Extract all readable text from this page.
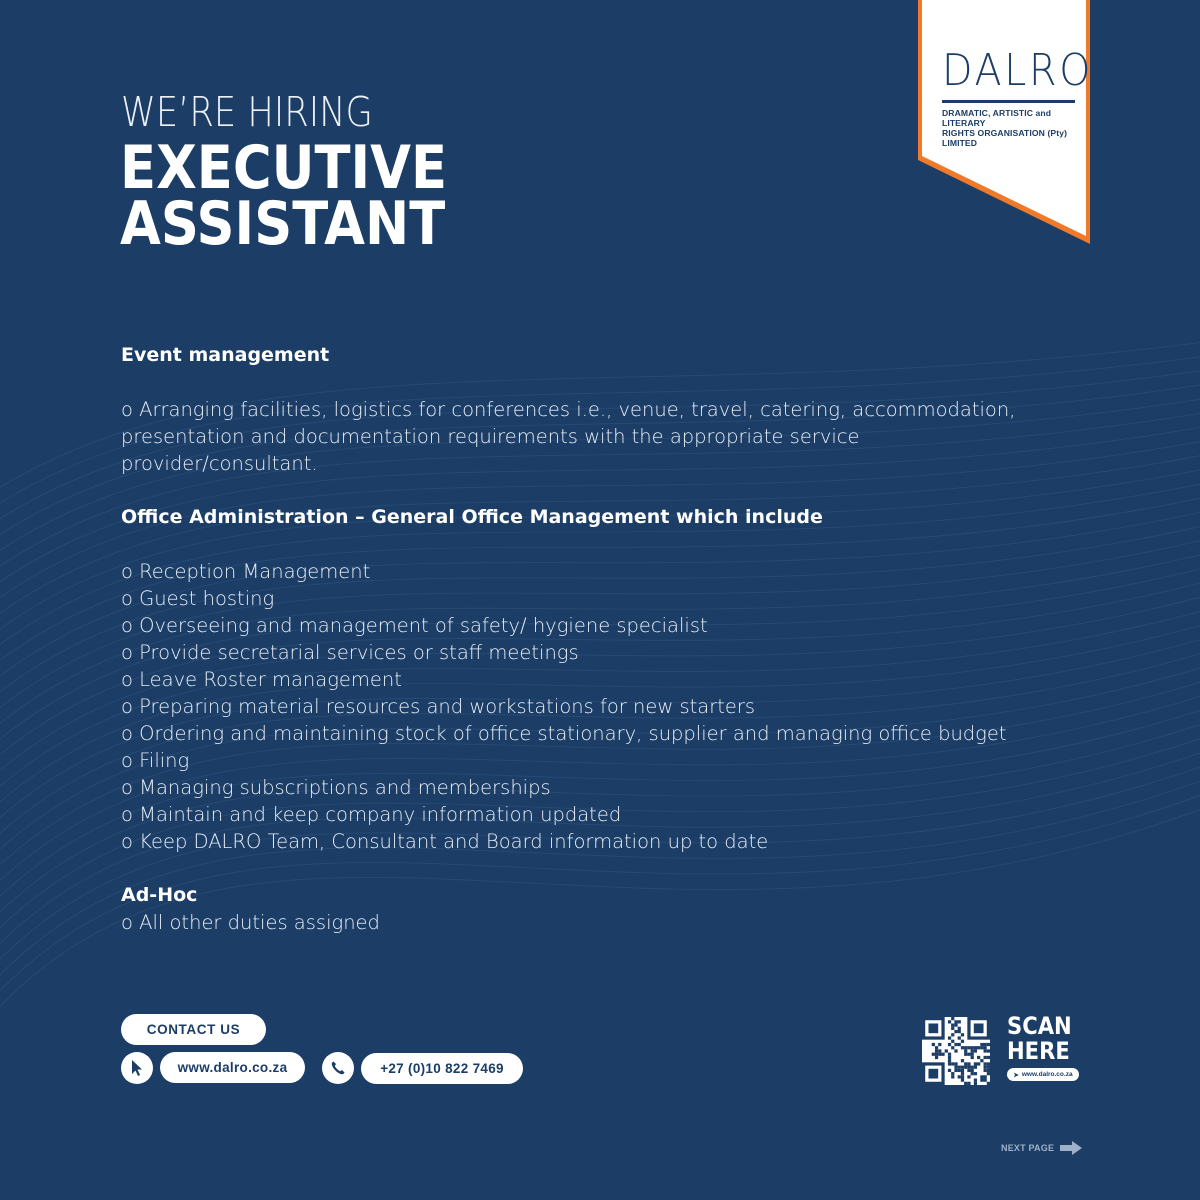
DALRO
DRAMATIC, ARTISTIC and LITERARY
RIGHTS ORGANISATION (Pty) LIMITED
WE’RE HIRING
EXECUTIVE
ASSISTANT
Event management
o Arranging facilities, logistics for conferences i.e., venue, travel, catering, accommodation, presentation and documentation requirements with the appropriate service provider/consultant.
Office Administration – General Office Management which include
o Reception Management
o Guest hosting
o Overseeing and management of safety/ hygiene specialist
o Provide secretarial services or staff meetings
o Leave Roster management
o Preparing material resources and workstations for new starters
o Ordering and maintaining stock of office stationary, supplier and managing office budget
o Filing
o Managing subscriptions and memberships
o Maintain and keep company information updated
o Keep DALRO Team, Consultant and Board information up to date
Ad-Hoc
o All other duties assigned
CONTACT US
www.dalro.co.za	+27 (0)10 822 7469
SCAN
HERE
➤ www.dalro.co.za
NEXT PAGE
